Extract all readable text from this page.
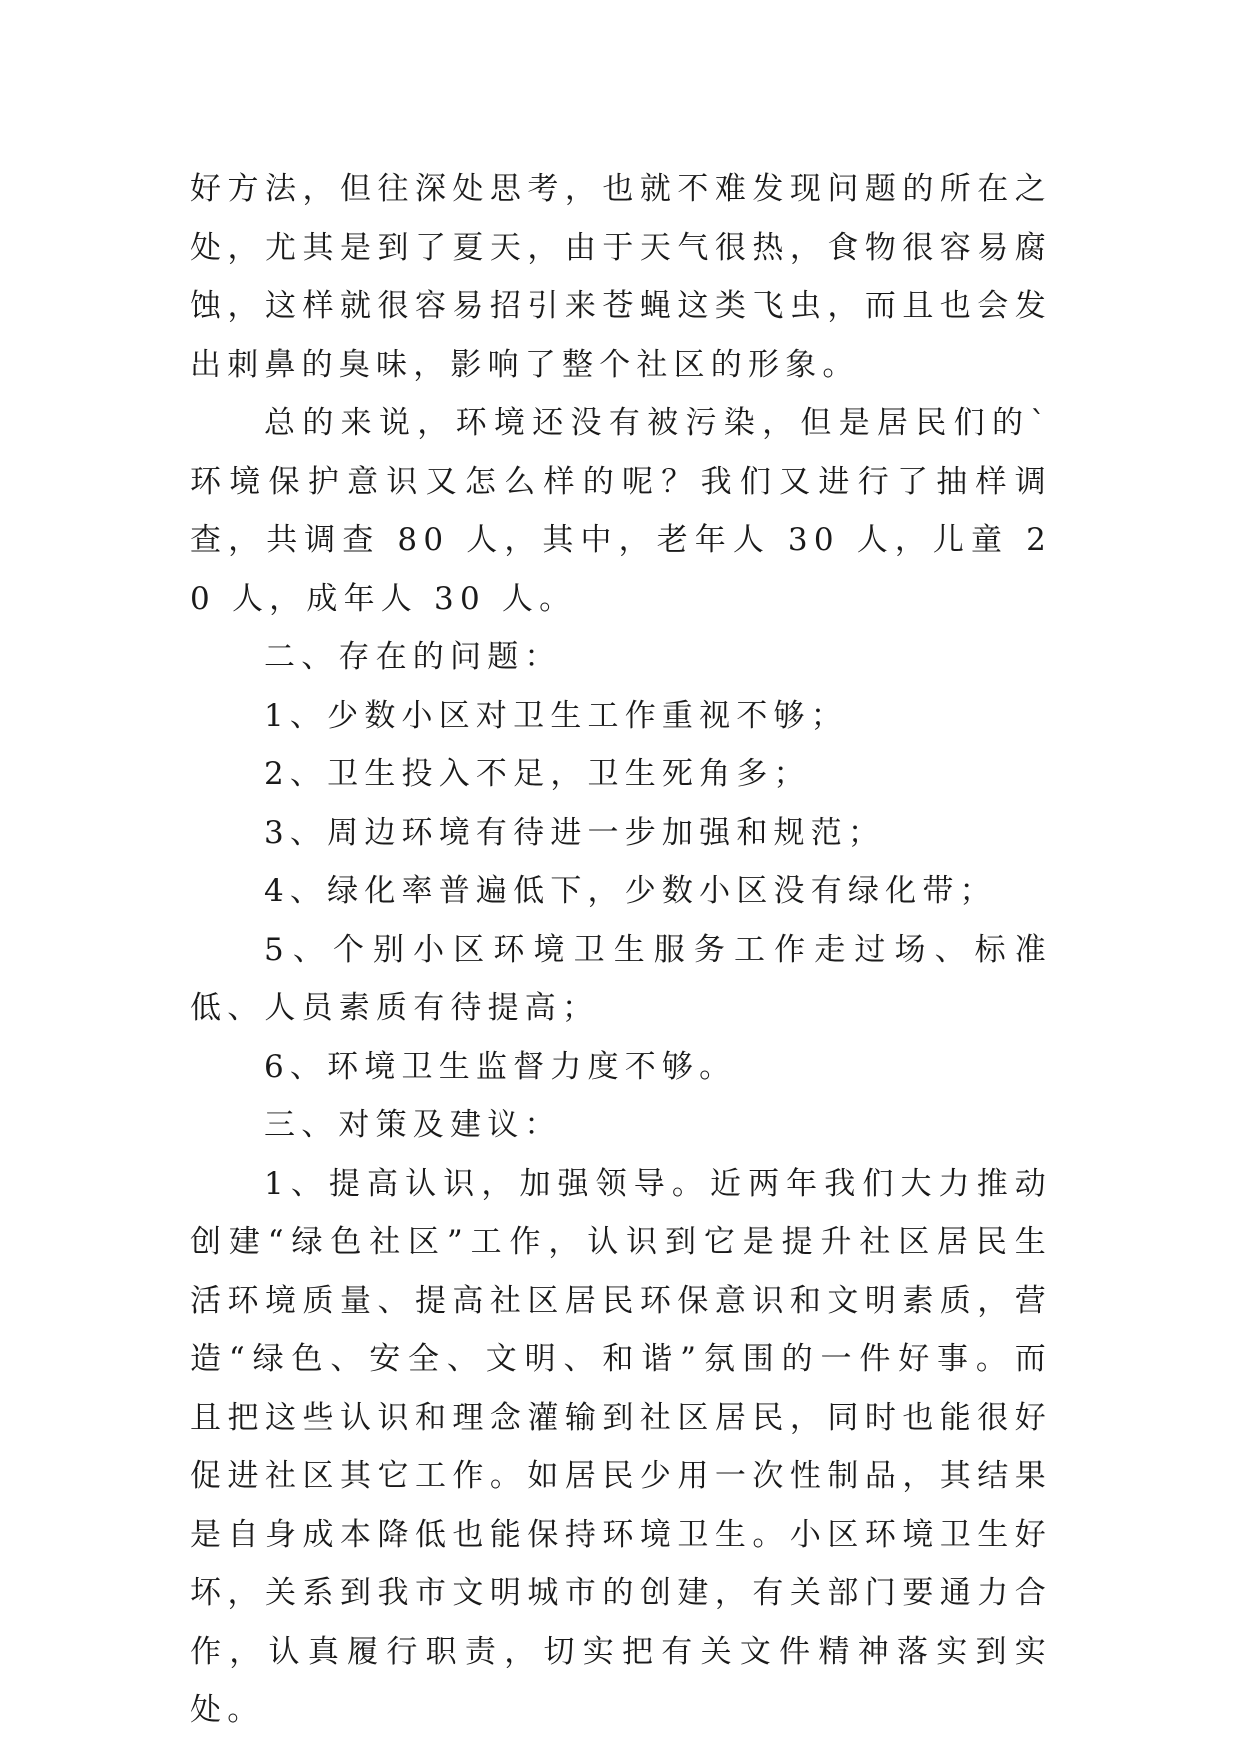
好方法，但往深处思考，也就不难发现问题的所在之处，尤其是到了夏天，由于天气很热，食物很容易腐蚀，这样就很容易招引来苍蝇这类飞虫，而且也会发出刺鼻的臭味，影响了整个社区的形象。

总的来说，环境还没有被污染，但是居民们的`环境保护意识又怎么样的呢？我们又进行了抽样调查，共调查 80 人，其中，老年人 30 人，儿童 20 人，成年人 30 人。

二、存在的问题：

1、少数小区对卫生工作重视不够；

2、卫生投入不足，卫生死角多；

3、周边环境有待进一步加强和规范；

4、绿化率普遍低下，少数小区没有绿化带；

5、个别小区环境卫生服务工作走过场、标准低、人员素质有待提高；

6、环境卫生监督力度不够。

三、对策及建议：

1、提高认识，加强领导。近两年我们大力推动创建“绿色社区”工作，认识到它是提升社区居民生活环境质量、提高社区居民环保意识和文明素质，营造“绿色、安全、文明、和谐”氛围的一件好事。而且把这些认识和理念灌输到社区居民，同时也能很好促进社区其它工作。如居民少用一次性制品，其结果是自身成本降低也能保持环境卫生。小区环境卫生好坏，关系到我市文明城市的创建，有关部门要通力合作，认真履行职责，切实把有关文件精神落实到实处。
